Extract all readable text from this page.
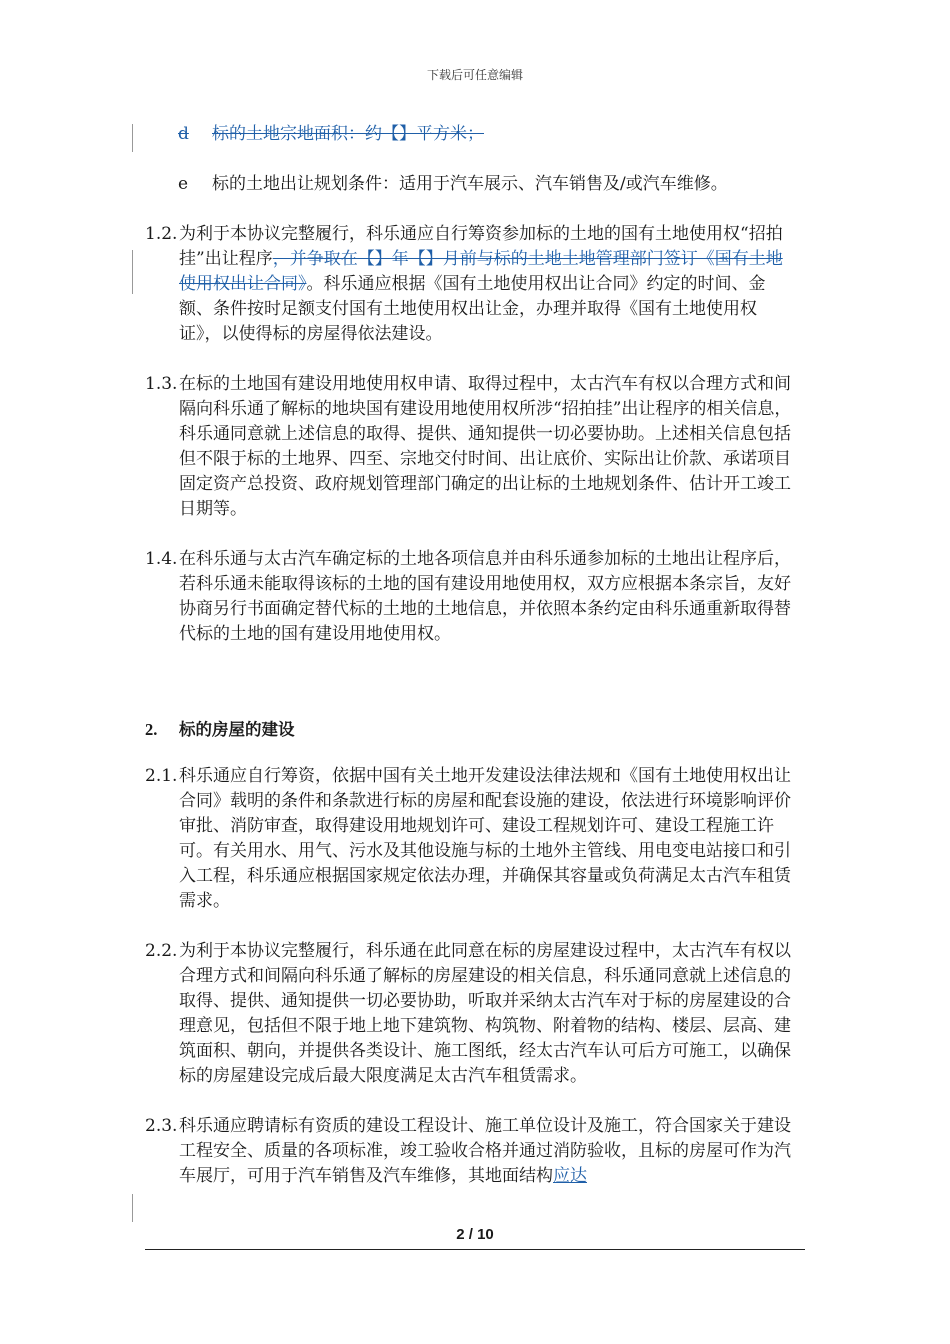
下载后可任意编辑

d 标的土地宗地面积：约【】平方米；

e 标的土地出让规划条件：适用于汽车展示、汽车销售及/或汽车维修。

1.2. 为利于本协议完整履行，科乐通应自行筹资参加标的土地的国有土地使用权“招拍挂”出让程序，并争取在【】年【】月前与标的土地土地管理部门签订《国有土地使用权出让合同》。科乐通应根据《国有土地使用权出让合同》约定的时间、金额、条件按时足额支付国有土地使用权出让金，办理并取得《国有土地使用权证》，以使得标的房屋得依法建设。

1.3. 在标的土地国有建设用地使用权申请、取得过程中，太古汽车有权以合理方式和间隔向科乐通了解标的地块国有建设用地使用权所涉“招拍挂”出让程序的相关信息，科乐通同意就上述信息的取得、提供、通知提供一切必要协助。上述相关信息包括但不限于标的土地界、四至、宗地交付时间、出让底价、实际出让价款、承诺项目固定资产总投资、政府规划管理部门确定的出让标的土地规划条件、估计开工竣工日期等。

1.4. 在科乐通与太古汽车确定标的土地各项信息并由科乐通参加标的土地出让程序后，若科乐通未能取得该标的土地的国有建设用地使用权，双方应根据本条宗旨，友好协商另行书面确定替代标的土地的土地信息，并依照本条约定由科乐通重新取得替代标的土地的国有建设用地使用权。

2. 标的房屋的建设

2.1. 科乐通应自行筹资，依据中国有关土地开发建设法律法规和《国有土地使用权出让合同》载明的条件和条款进行标的房屋和配套设施的建设，依法进行环境影响评价审批、消防审查，取得建设用地规划许可、建设工程规划许可、建设工程施工许可。有关用水、用气、污水及其他设施与标的土地外主管线、用电变电站接口和引入工程，科乐通应根据国家规定依法办理，并确保其容量或负荷满足太古汽车租赁需求。

2.2. 为利于本协议完整履行，科乐通在此同意在标的房屋建设过程中，太古汽车有权以合理方式和间隔向科乐通了解标的房屋建设的相关信息，科乐通同意就上述信息的取得、提供、通知提供一切必要协助，听取并采纳太古汽车对于标的房屋建设的合理意见，包括但不限于地上地下建筑物、构筑物、附着物的结构、楼层、层高、建筑面积、朝向，并提供各类设计、施工图纸，经太古汽车认可后方可施工，以确保标的房屋建设完成后最大限度满足太古汽车租赁需求。

2.3. 科乐通应聘请标有资质的建设工程设计、施工单位设计及施工，符合国家关于建设工程安全、质量的各项标准，竣工验收合格并通过消防验收，且标的房屋可作为汽车展厅，可用于汽车销售及汽车维修，其地面结构应达

2 / 10
